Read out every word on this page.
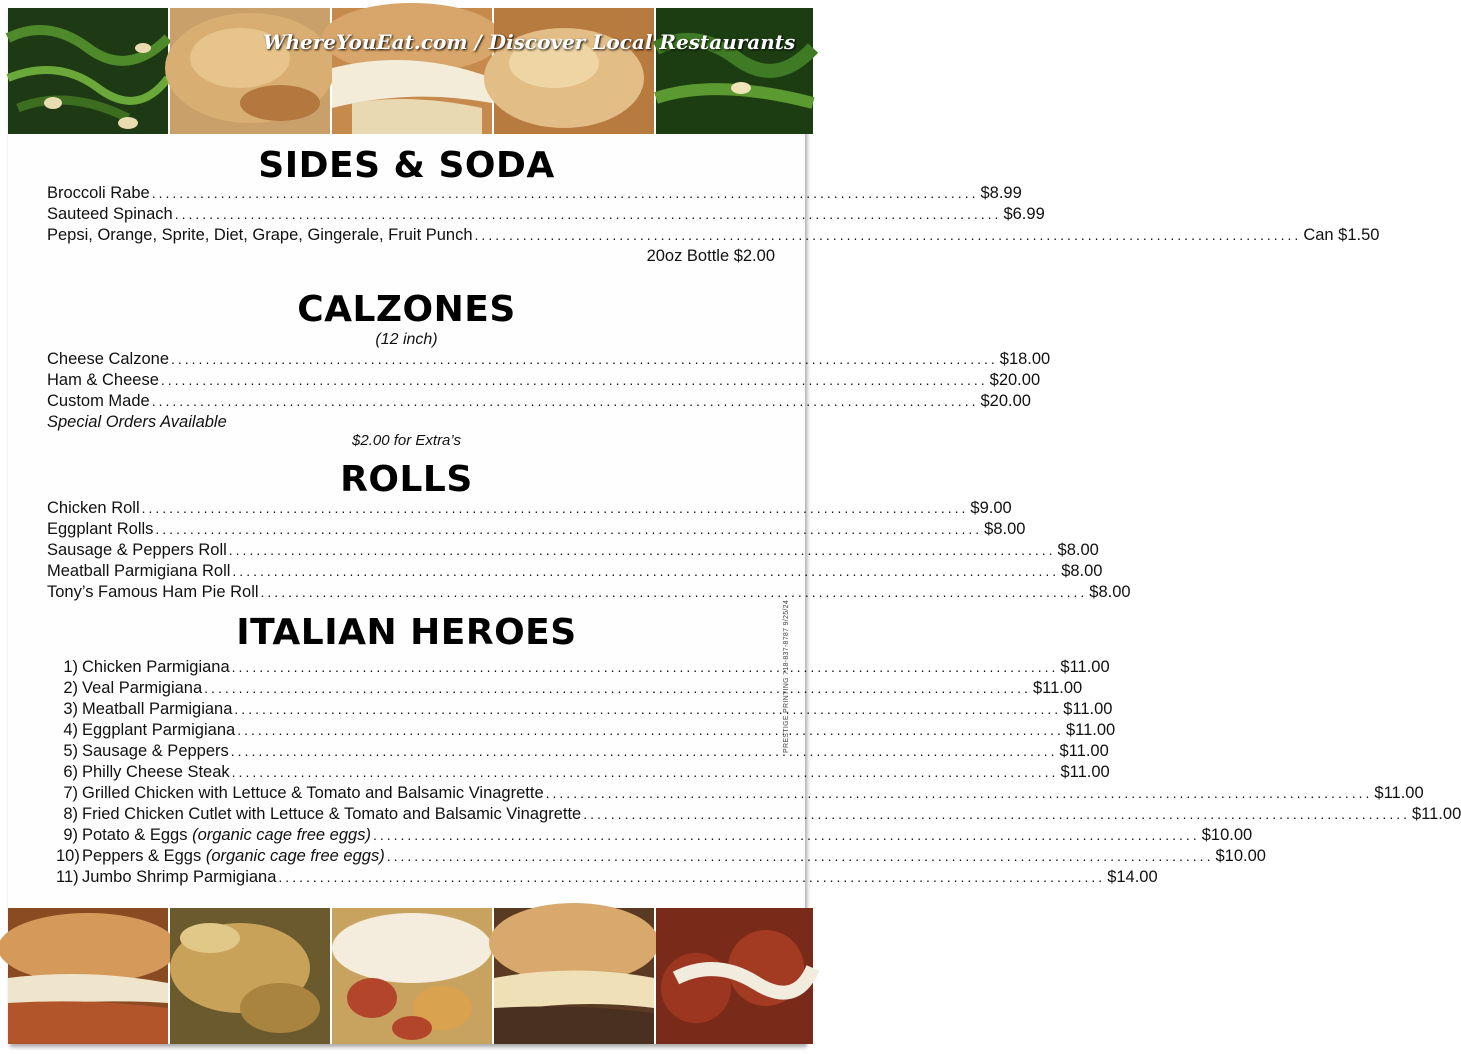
WhereYouEat.com / Discover Local Restaurants
SIDES & SODA
Broccoli Rabe ........................................................................................................................ $8.99
Sauteed Spinach ........................................................................................................................ $6.99
Pepsi, Orange, Sprite, Diet, Grape, Gingerale, Fruit Punch ........................................................................................................................ Can $1.50
20oz Bottle $2.00
CALZONES
(12 inch)
Cheese Calzone ........................................................................................................................ $18.00
Ham & Cheese ........................................................................................................................ $20.00
Custom Made ........................................................................................................................ $20.00
Special Orders Available
$2.00 for Extra’s
ROLLS
Chicken Roll ........................................................................................................................ $9.00
Eggplant Rolls ........................................................................................................................ $8.00
Sausage & Peppers Roll ........................................................................................................................ $8.00
Meatball Parmigiana Roll ........................................................................................................................ $8.00
Tony’s Famous Ham Pie Roll ........................................................................................................................ $8.00
ITALIAN HEROES
1) Chicken Parmigiana ........................................................................................................................ $11.00
2) Veal Parmigiana ........................................................................................................................ $11.00
3) Meatball Parmigiana ........................................................................................................................ $11.00
4) Eggplant Parmigiana ........................................................................................................................ $11.00
5) Sausage & Peppers ........................................................................................................................ $11.00
6) Philly Cheese Steak ........................................................................................................................ $11.00
7) Grilled Chicken with Lettuce & Tomato and Balsamic Vinagrette ........................................................................................................................ $11.00
8) Fried Chicken Cutlet with Lettuce & Tomato and Balsamic Vinagrette ........................................................................................................................ $11.00
9) Potato & Eggs (organic cage free eggs) ........................................................................................................................ $10.00
10) Peppers & Eggs (organic cage free eggs) ........................................................................................................................ $10.00
11) Jumbo Shrimp Parmigiana ........................................................................................................................ $14.00
PRESTIGE PRINTING 718-837-8787 9/25/24
